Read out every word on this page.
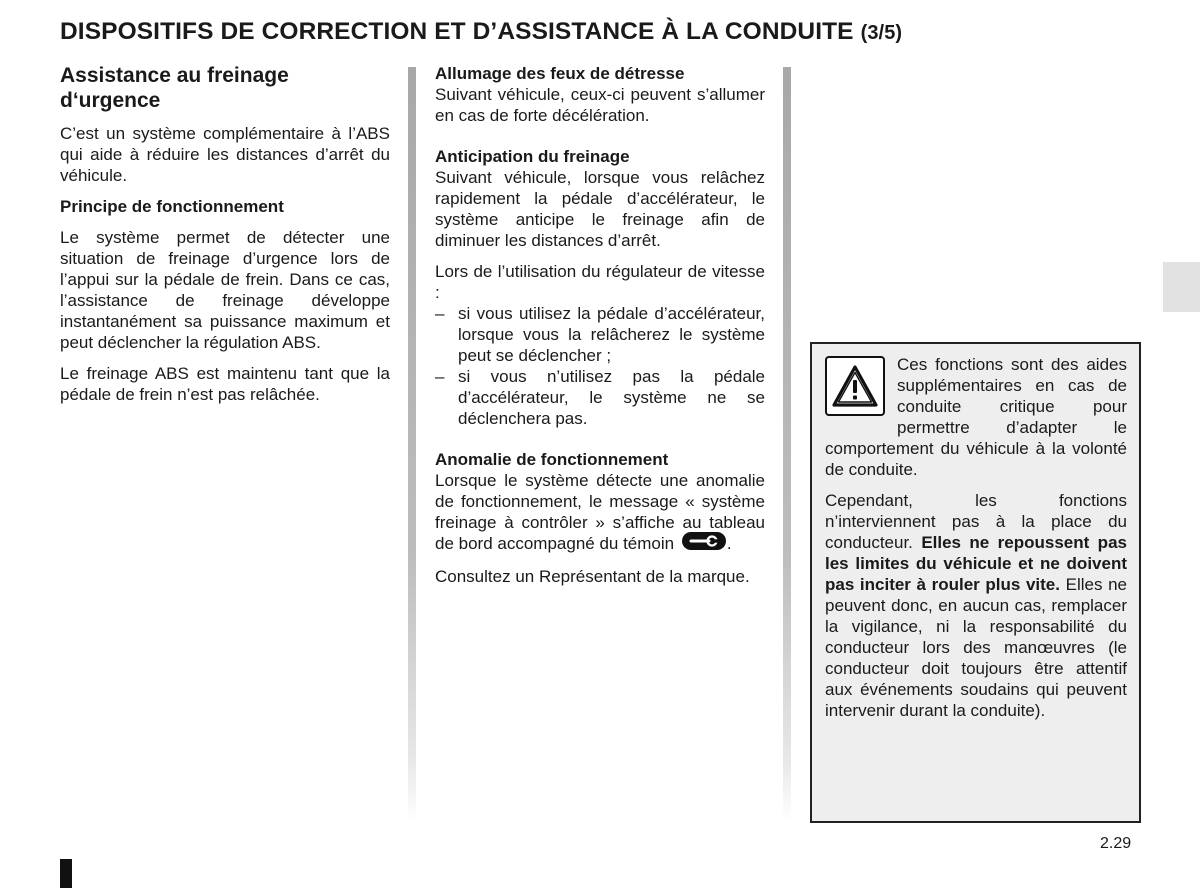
DISPOSITIFS DE CORRECTION ET D’ASSISTANCE À LA CONDUITE (3/5)
Assistance au freinage d‘urgence

C’est un système complémentaire à l’ABS qui aide à réduire les distances d’arrêt du véhicule.

Principe de fonctionnement

Le système permet de détecter une situation de freinage d’urgence lors de l’appui sur la pédale de frein. Dans ce cas, l’assistance de freinage développe instantanément sa puissance maximum et peut déclencher la régulation ABS.

Le freinage ABS est maintenu tant que la pédale de frein n’est pas relâchée.

Allumage des feux de détresse

Suivant véhicule, ceux-ci peuvent s’allumer en cas de forte décélération.

Anticipation du freinage

Suivant véhicule, lorsque vous relâchez rapidement la pédale d’accélérateur, le système anticipe le freinage afin de diminuer les distances d’arrêt.

Lors de l’utilisation du régulateur de vitesse :

– si vous utilisez la pédale d’accélérateur, lorsque vous la relâcherez le système peut se déclencher ;
– si vous n’utilisez pas la pédale d’accélérateur, le système ne se déclenchera pas.

Anomalie de fonctionnement

Lorsque le système détecte une anomalie de fonctionnement, le message « système freinage à contrôler » s’affiche au tableau de bord accompagné du témoin	.

Consultez un Représentant de la marque.

Ces fonctions sont des aides supplémentaires en cas de conduite critique pour permettre d’adapter le comportement du véhicule à la volonté de conduite.

Cependant, les fonctions n’interviennent pas à la place du conducteur. Elles ne repoussent pas les limites du véhicule et ne doivent pas inciter à rouler plus vite. Elles ne peuvent donc, en aucun cas, remplacer la vigilance, ni la responsabilité du conducteur lors des manœuvres (le conducteur doit toujours être attentif aux événements soudains qui peuvent intervenir durant la conduite).

2.29
